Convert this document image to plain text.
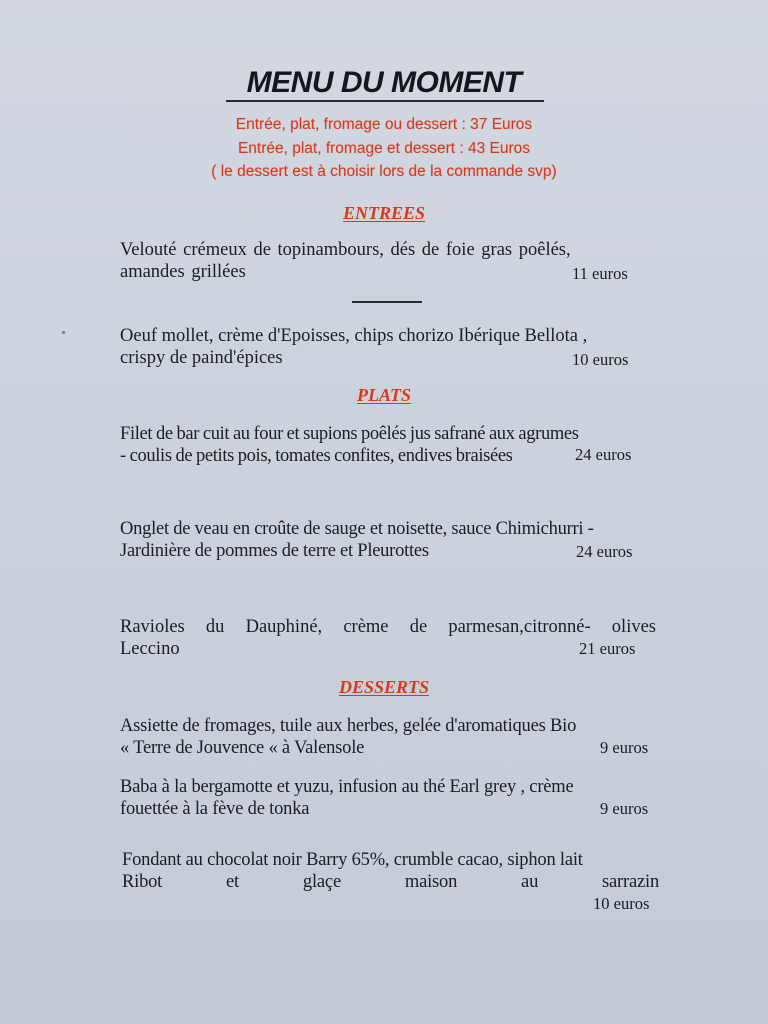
MENU DU MOMENT
Entrée, plat, fromage ou dessert : 37 Euros
Entrée, plat, fromage et dessert : 43 Euros
( le dessert est à choisir lors de la commande svp)
ENTREES
Velouté crémeux de topinambours, dés de foie gras poêlés,
amandes grillées	11 euros
Oeuf mollet, crème d'Epoisses, chips chorizo Ibérique Bellota ,
crispy de paind'épices	10 euros
PLATS
Filet de bar cuit au four et supions poêlés jus safrané aux agrumes
- coulis de petits pois, tomates confites, endives braisées	24 euros
Onglet de veau en croûte de sauge et noisette, sauce Chimichurri -
Jardinière de pommes de terre et Pleurottes	24 euros
Ravioles du Dauphiné, crème de parmesan,citronné- olives
Leccino	21 euros
DESSERTS
Assiette de fromages, tuile aux herbes, gelée d'aromatiques Bio
« Terre de Jouvence « à Valensole	9 euros
Baba à la bergamotte et yuzu, infusion au thé Earl grey , crème
fouettée à la fève de tonka	9 euros
Fondant au chocolat noir Barry 65%, crumble cacao, siphon lait
Ribot et glaçe maison au sarrazin
10 euros
